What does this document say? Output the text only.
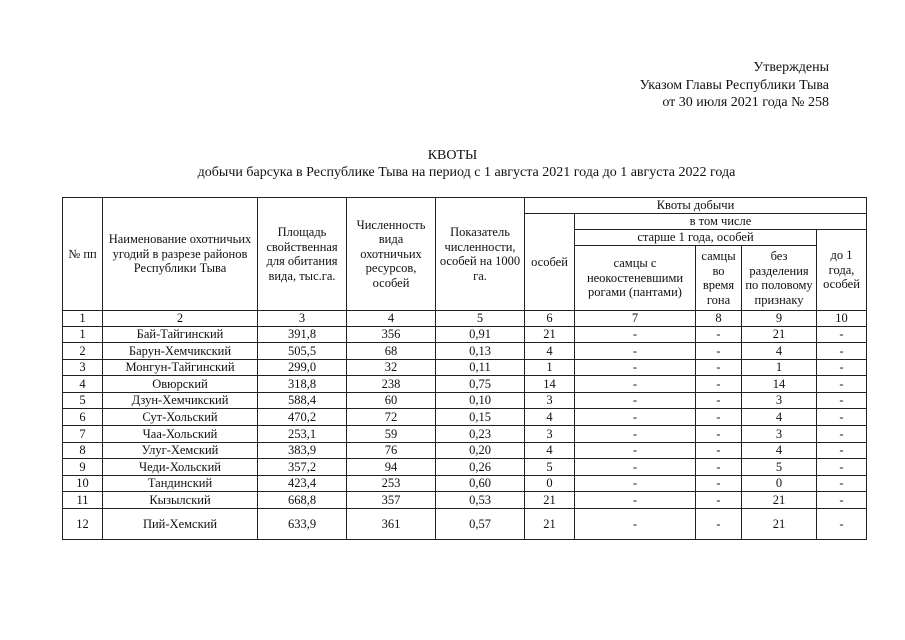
Утверждены
Указом Главы Республики Тыва
от 30 июля 2021 года № 258
КВОТЫ
добычи барсука в Республике Тыва на период с 1 августа 2021 года до 1 августа 2022 года
№ пп	Наименование охотничьих угодий в разрезе районов Республики Тыва	Площадь свойственная для обитания вида, тыс.га.	Численность вида охотничьих ресурсов, особей	Показатель численности, особей на 1000 га.	Квоты добычи				
					особей	в том числе			
						старше 1 года, особей			до 1 года, особей
						самцы с неокостеневшими рогами (пантами)	самцы во время гона	без разделения по половому признаку	
1	2	3	4	5	6	7	8	9	10
1	Бай-Тайгинский	391,8	356	0,91	21	-	-	21	-
2	Барун-Хемчикский	505,5	68	0,13	4	-	-	4	-
3	Монгун-Тайгинский	299,0	32	0,11	1	-	-	1	-
4	Овюрский	318,8	238	0,75	14	-	-	14	-
5	Дзун-Хемчикский	588,4	60	0,10	3	-	-	3	-
6	Сут-Хольский	470,2	72	0,15	4	-	-	4	-
7	Чаа-Хольский	253,1	59	0,23	3	-	-	3	-
8	Улуг-Хемский	383,9	76	0,20	4	-	-	4	-
9	Чеди-Хольский	357,2	94	0,26	5	-	-	5	-
10	Тандинский	423,4	253	0,60	0	-	-	0	-
11	Кызылский	668,8	357	0,53	21	-	-	21	-
12	Пий-Хемский	633,9	361	0,57	21	-	-	21	-
